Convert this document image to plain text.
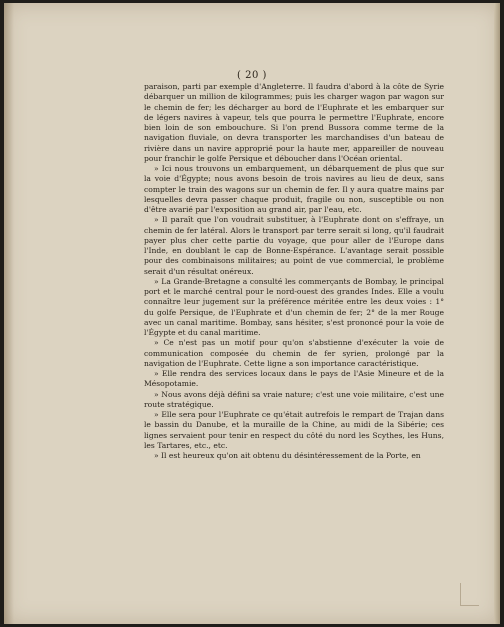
( 20 )

paraison, parti par exemple d'Angleterre. Il faudra d'abord à la côte de Syrie débarquer un million de kilogrammes; puis les charger wagon par wagon sur le chemin de fer; les décharger au bord de l'Euphrate et les embarquer sur de légers navires à vapeur, tels que pourra le permettre l'Euphrate, encore bien loin de son embouchure. Si l'on prend Bussora comme terme de la navigation fluviale, on devra transporter les marchandises d'un bateau de rivière dans un navire approprié pour la haute mer, appareiller de nouveau pour franchir le golfe Persique et déboucher dans l'Océan oriental.

» Ici nous trouvons un embarquement, un débarquement de plus que sur la voie d'Égypte; nous avons besoin de trois navires au lieu de deux, sans compter le train des wagons sur un chemin de fer. Il y aura quatre mains par lesquelles devra passer chaque produit, fragile ou non, susceptible ou non d'être avarié par l'exposition au grand air, par l'eau, etc.

» Il paraît que l'on voudrait substituer, à l'Euphrate dont on s'effraye, un chemin de fer latéral. Alors le transport par terre serait si long, qu'il faudrait payer plus cher cette partie du voyage, que pour aller de l'Europe dans l'Inde, en doublant le cap de Bonne-Espérance. L'avantage serait possible pour des combinaisons militaires; au point de vue commercial, le problème serait d'un résultat onéreux.

» La Grande-Bretagne a consulté les commerçants de Bombay, le principal port et le marché central pour le nord-ouest des grandes Indes. Elle a voulu connaître leur jugement sur la préférence méritée entre les deux voies : 1° du golfe Persique, de l'Euphrate et d'un chemin de fer; 2° de la mer Rouge avec un canal maritime. Bombay, sans hésiter, s'est prononcé pour la voie de l'Égypte et du canal maritime.

» Ce n'est pas un motif pour qu'on s'abstienne d'exécuter la voie de communication composée du chemin de fer syrien, prolongé par la navigation de l'Euphrate. Cette ligne a son importance caractéristique.

» Elle rendra des services locaux dans le pays de l'Asie Mineure et de la Mésopotamie.

» Nous avons déjà défini sa vraie nature; c'est une voie militaire, c'est une route stratégique.

» Elle sera pour l'Euphrate ce qu'était autrefois le rempart de Trajan dans le bassin du Danube, et la muraille de la Chine, au midi de la Sibérie; ces lignes servaient pour tenir en respect du côté du nord les Scythes, les Huns, les Tartares, etc., etc.

» Il est heureux qu'on ait obtenu du désintéressement de la Porte, en
